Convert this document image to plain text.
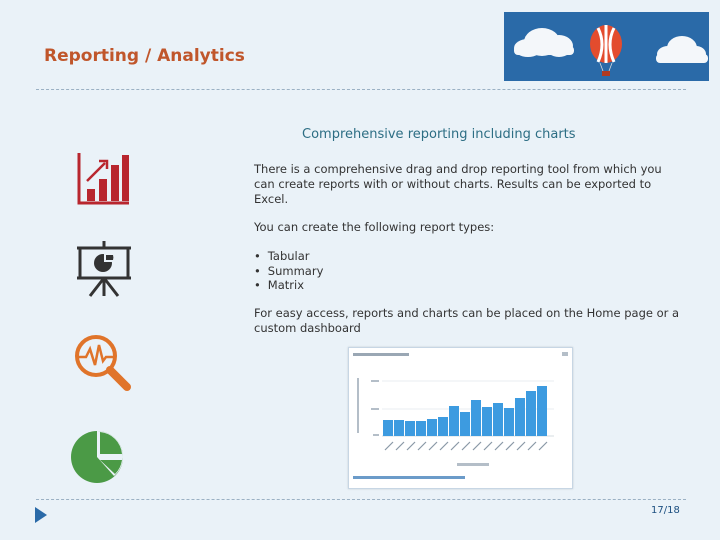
Reporting / Analytics
Comprehensive reporting including charts

There is a comprehensive drag and drop reporting tool from which you can create reports with or without charts. Results can be exported to Excel.

You can create the following report types:

• Tabular
• Summary
• Matrix

For easy access, reports and charts can be placed on the Home page or a custom dashboard

17/18
